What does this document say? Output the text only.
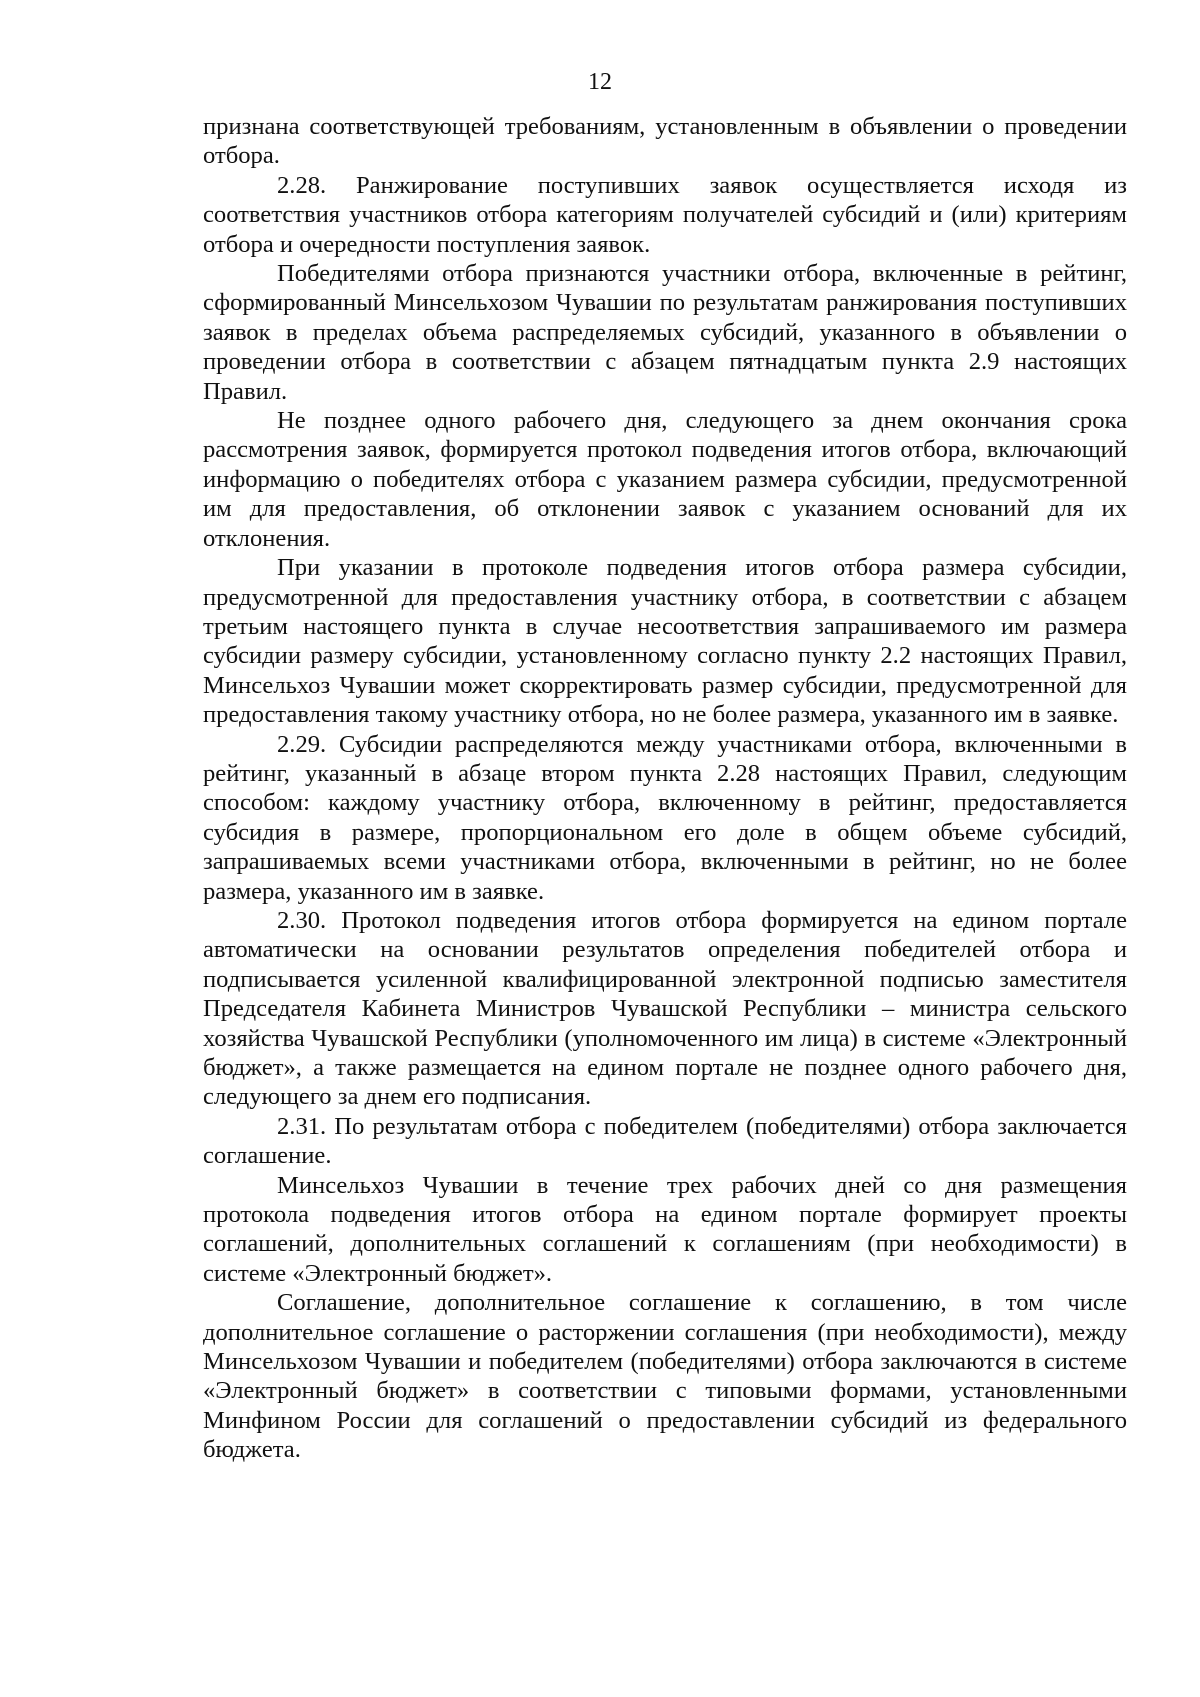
12

признана соответствующей требованиям, установленным в объявлении о проведении отбора.

2.28. Ранжирование поступивших заявок осуществляется исходя из соответствия участников отбора категориям получателей субсидий и (или) критериям отбора и очередности поступления заявок.

Победителями отбора признаются участники отбора, включенные в рейтинг, сформированный Минсельхозом Чувашии по результатам ранжирования поступивших заявок в пределах объема распределяемых субсидий, указанного в объявлении о проведении отбора в соответствии с абзацем пятнадцатым пункта 2.9 настоящих Правил.

Не позднее одного рабочего дня, следующего за днем окончания срока рассмотрения заявок, формируется протокол подведения итогов отбора, включающий информацию о победителях отбора с указанием размера субсидии, предусмотренной им для предоставления, об отклонении заявок с указанием оснований для их отклонения.

При указании в протоколе подведения итогов отбора размера субсидии, предусмотренной для предоставления участнику отбора, в соответствии с абзацем третьим настоящего пункта в случае несоответствия запрашиваемого им размера субсидии размеру субсидии, установленному согласно пункту 2.2 настоящих Правил, Минсельхоз Чувашии может скорректировать размер субсидии, предусмотренной для предоставления такому участнику отбора, но не более размера, указанного им в заявке.

2.29. Субсидии распределяются между участниками отбора, включенными в рейтинг, указанный в абзаце втором пункта 2.28 настоящих Правил, следующим способом: каждому участнику отбора, включенному в рейтинг, предоставляется субсидия в размере, пропорциональном его доле в общем объеме субсидий, запрашиваемых всеми участниками отбора, включенными в рейтинг, но не более размера, указанного им в заявке.

2.30. Протокол подведения итогов отбора формируется на едином портале автоматически на основании результатов определения победителей отбора и подписывается усиленной квалифицированной электронной подписью заместителя Председателя Кабинета Министров Чувашской Республики – министра сельского хозяйства Чувашской Республики (уполномоченного им лица) в системе «Электронный бюджет», а также размещается на едином портале не позднее одного рабочего дня, следующего за днем его подписания.

2.31. По результатам отбора с победителем (победителями) отбора заключается соглашение.

Минсельхоз Чувашии в течение трех рабочих дней со дня размещения протокола подведения итогов отбора на едином портале формирует проекты соглашений, дополнительных соглашений к соглашениям (при необходимости) в системе «Электронный бюджет».

Соглашение, дополнительное соглашение к соглашению, в том числе дополнительное соглашение о расторжении соглашения (при необходимости), между Минсельхозом Чувашии и победителем (победителями) отбора заключаются в системе «Электронный бюджет» в соответствии с типовыми формами, установленными Минфином России для соглашений о предоставлении субсидий из федерального бюджета.
